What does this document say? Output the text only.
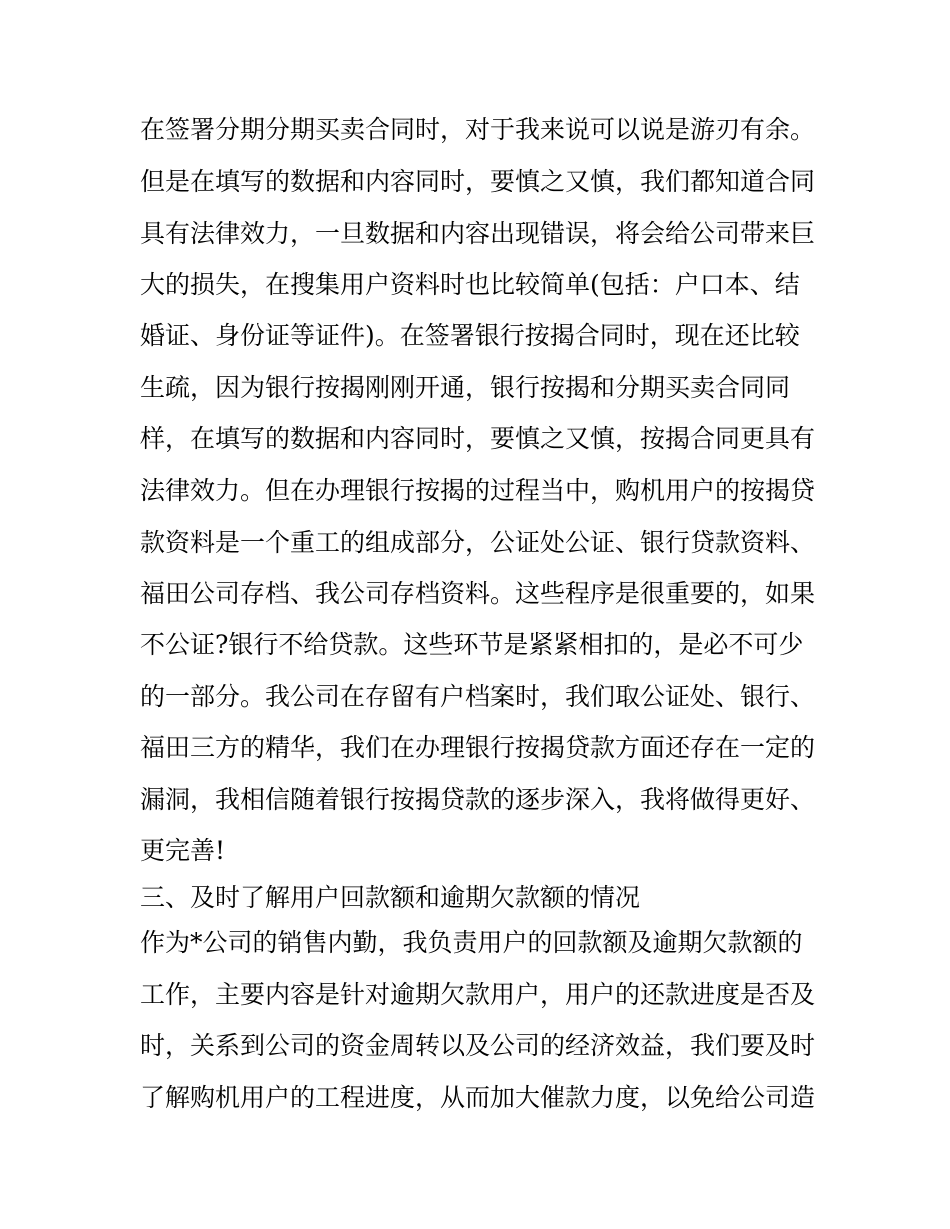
在签署分期分期买卖合同时，对于我来说可以说是游刃有余。
但是在填写的数据和内容同时，要慎之又慎，我们都知道合同
具有法律效力，一旦数据和内容出现错误，将会给公司带来巨
大的损失，在搜集用户资料时也比较简单(包括：户口本、结
婚证、身份证等证件)。在签署银行按揭合同时，现在还比较
生疏，因为银行按揭刚刚开通，银行按揭和分期买卖合同同
样，在填写的数据和内容同时，要慎之又慎，按揭合同更具有
法律效力。但在办理银行按揭的过程当中，购机用户的按揭贷
款资料是一个重工的组成部分，公证处公证、银行贷款资料、
福田公司存档、我公司存档资料。这些程序是很重要的，如果
不公证?银行不给贷款。这些环节是紧紧相扣的，是必不可少
的一部分。我公司在存留有户档案时，我们取公证处、银行、
福田三方的精华，我们在办理银行按揭贷款方面还存在一定的
漏洞，我相信随着银行按揭贷款的逐步深入，我将做得更好、
更完善!
三、及时了解用户回款额和逾期欠款额的情况
作为*公司的销售内勤，我负责用户的回款额及逾期欠款额的
工作，主要内容是针对逾期欠款用户，用户的还款进度是否及
时，关系到公司的资金周转以及公司的经济效益，我们要及时
了解购机用户的工程进度，从而加大催款力度，以免给公司造
